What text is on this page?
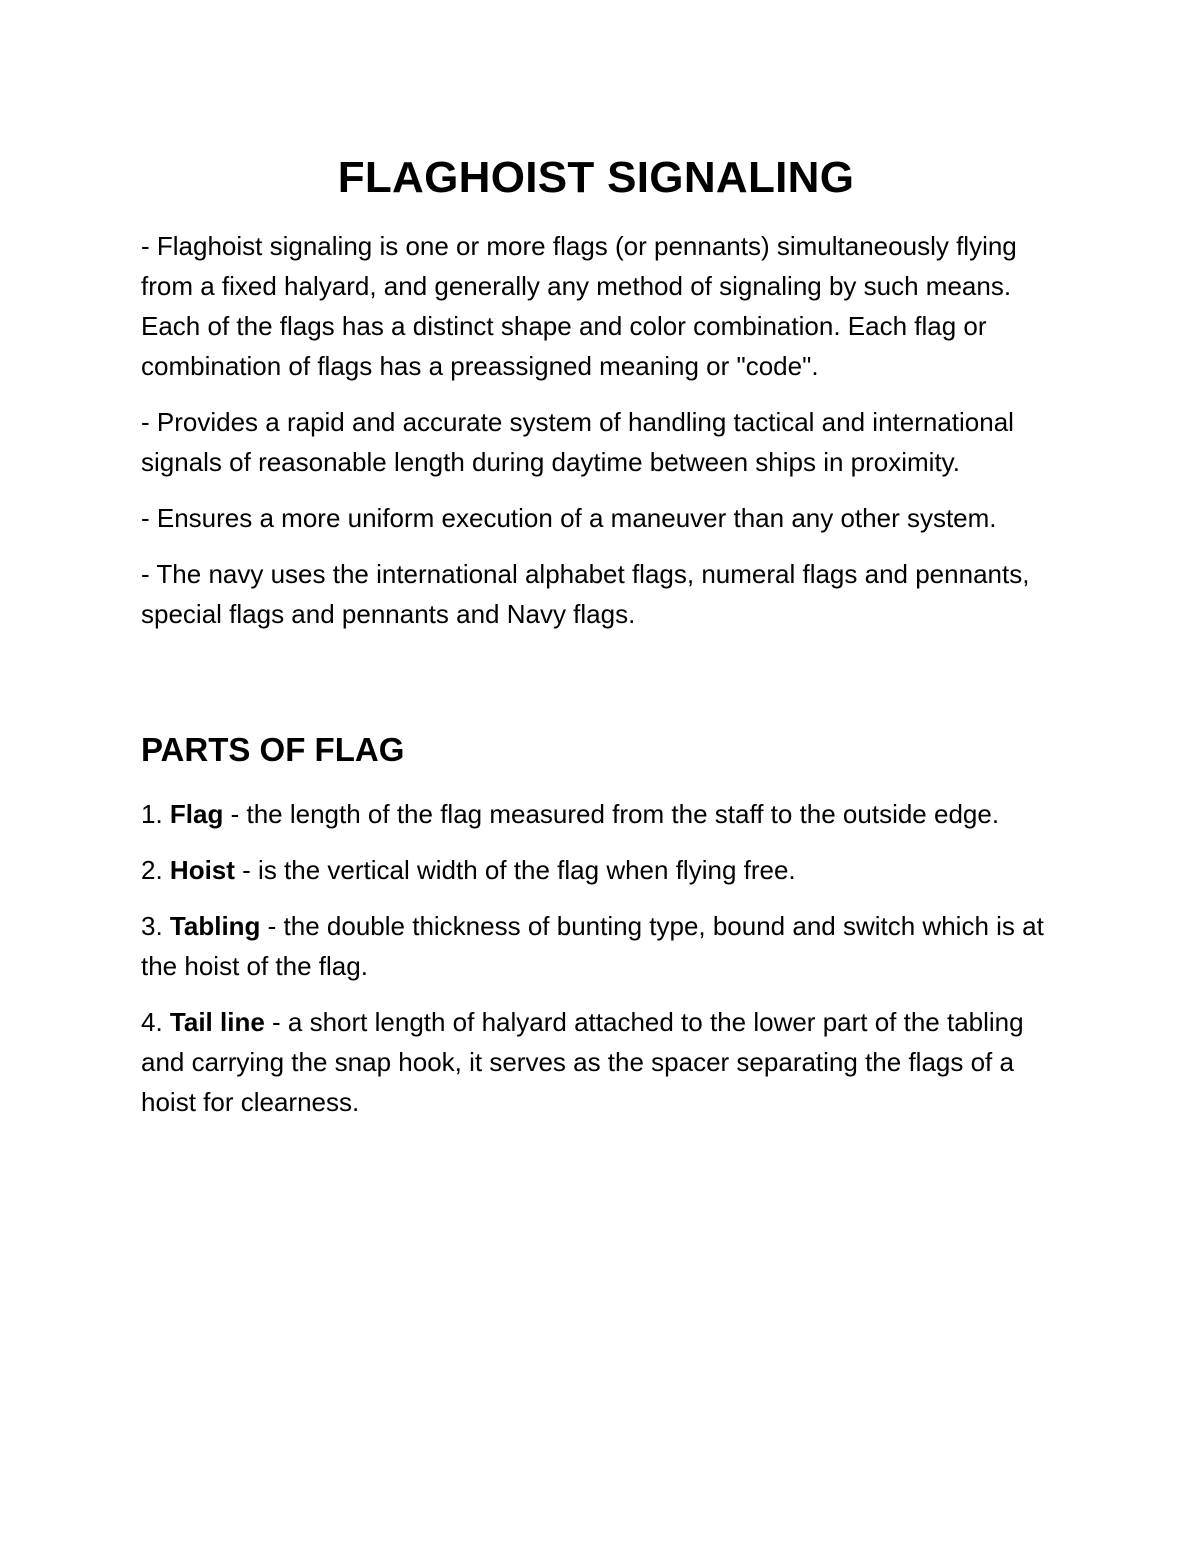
FLAGHOIST SIGNALING

- Flaghoist signaling is one or more flags (or pennants) simultaneously flying from a fixed halyard, and generally any method of signaling by such means. Each of the flags has a distinct shape and color combination. Each flag or combination of flags has a preassigned meaning or "code".

- Provides a rapid and accurate system of handling tactical and international signals of reasonable length during daytime between ships in proximity.

- Ensures a more uniform execution of a maneuver than any other system.

- The navy uses the international alphabet flags, numeral flags and pennants, special flags and pennants and Navy flags.

PARTS OF FLAG

1. Flag - the length of the flag measured from the staff to the outside edge.

2. Hoist - is the vertical width of the flag when flying free.

3. Tabling - the double thickness of bunting type, bound and switch which is at the hoist of the flag.

4. Tail line - a short length of halyard attached to the lower part of the tabling and carrying the snap hook, it serves as the spacer separating the flags of a hoist for clearness.
